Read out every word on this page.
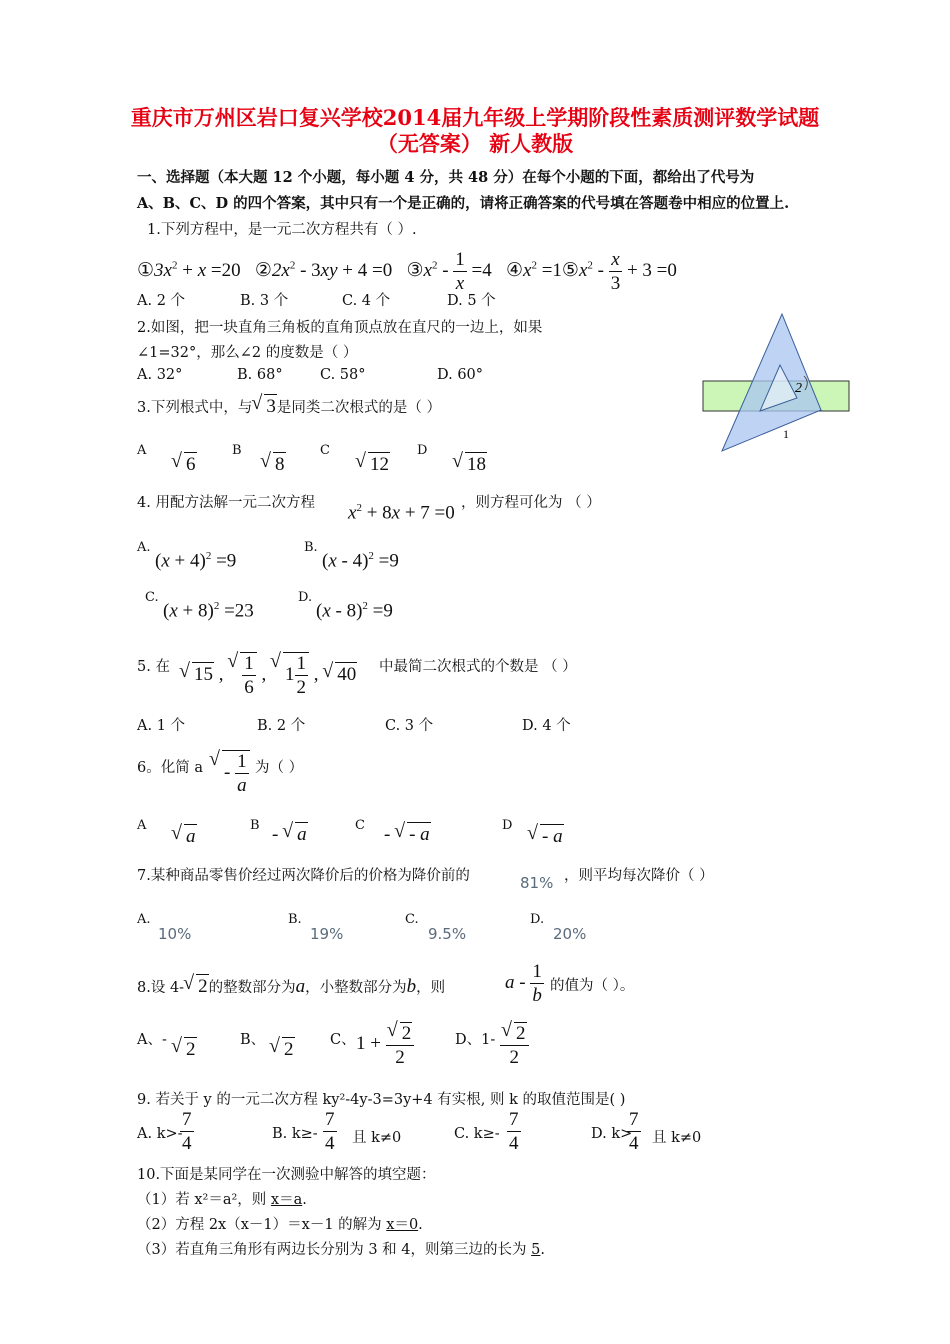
重庆市万州区岩口复兴学校2014届九年级上学期阶段性素质测评数学试题
（无答案） 新人教版
一、选择题（本大题 12 个小题，每小题 4 分，共 48 分）在每个小题的下面，都给出了代号为
A、B、C、D 的四个答案，其中只有一个是正确的，请将正确答案的代号填在答题卷中相应的位置上.
1.下列方程中，是一元二次方程共有（ ）.
$①3x^2 + x =20$   $②2x^2 - 3xy + 4 =0$   $③x^2 - \frac{1}{x} =4$   $④x^2$ $=1⑤x^2 - \frac{x}{3} + 3 =0$
A. 2 个	B. 3 个	C. 4 个	D. 5 个
2.如图，把一块直角三角板的直角顶点放在直尺的一边上，如果
∠1=32°，那么∠2 的度数是（ ）
A. 32°	B. 68°	C. 58°	D. 60°
1
2
3.下列根式中，与 √ 3是同类二次根式的是（ ）
A
√ 6
B
√ 8
C
√ 12
D
√ 18
4. 用配方法解一元二次方程 $x^2 + 8x + 7 =0$ ，则方程可化为 （ ）
A.
$(x + 4)^2 =9$
B.
(x - 4)$^2$ =9
C.
$(x + 8)^2 =23$
D.
(x - 8)$^2$ =9
5. 在	√ 15 , √ $\frac{1}{6}$ , √ $1 \frac{1}{2}$ , √ 40 中最简二次根式的个数是 （ ）
A. 1 个	B. 2 个	C. 3 个	D. 4 个
6。化简 a	√ - $\frac{1}{a}$ 为（ ）
A
√ a
B - √ a	C - √ - a	D
√ - a
7.某种商品零售价经过两次降价后的价格为降价前的	81% ，则平均每次降价（ ）
A.
10%
B.
19%
C.
9.5%
D.
20%
8.设 4- √ 2的整数部分为a，小整数部分为b，则	a - $\frac{1}{b}$ 的值为（ ）。
A、-	√ 2	B、 √ 2	C、 1 + √ $\frac{2}{2}$	D、1- √ $\frac{2}{2}$
9. 若关于 y 的一元二次方程 ky²-4y-3=3y+4 有实根, 则 k 的取值范围是( )
A. k>-
$\frac{7}{4}$	B. $k\ge- \frac{7}{4}$ 且 k≠0	C. $k\ge- \frac{7}{4}$	D. k>
$\frac{7}{4}$ 且 k≠0
10.下面是某同学在一次测验中解答的填空题：
（1）若 x²＝a²，则 x＝a.
（2）方程 2x（x－1）＝x－1 的解为 x＝0.
（3）若直角三角形有两边长分别为 3 和 4，则第三边的长为 5.
